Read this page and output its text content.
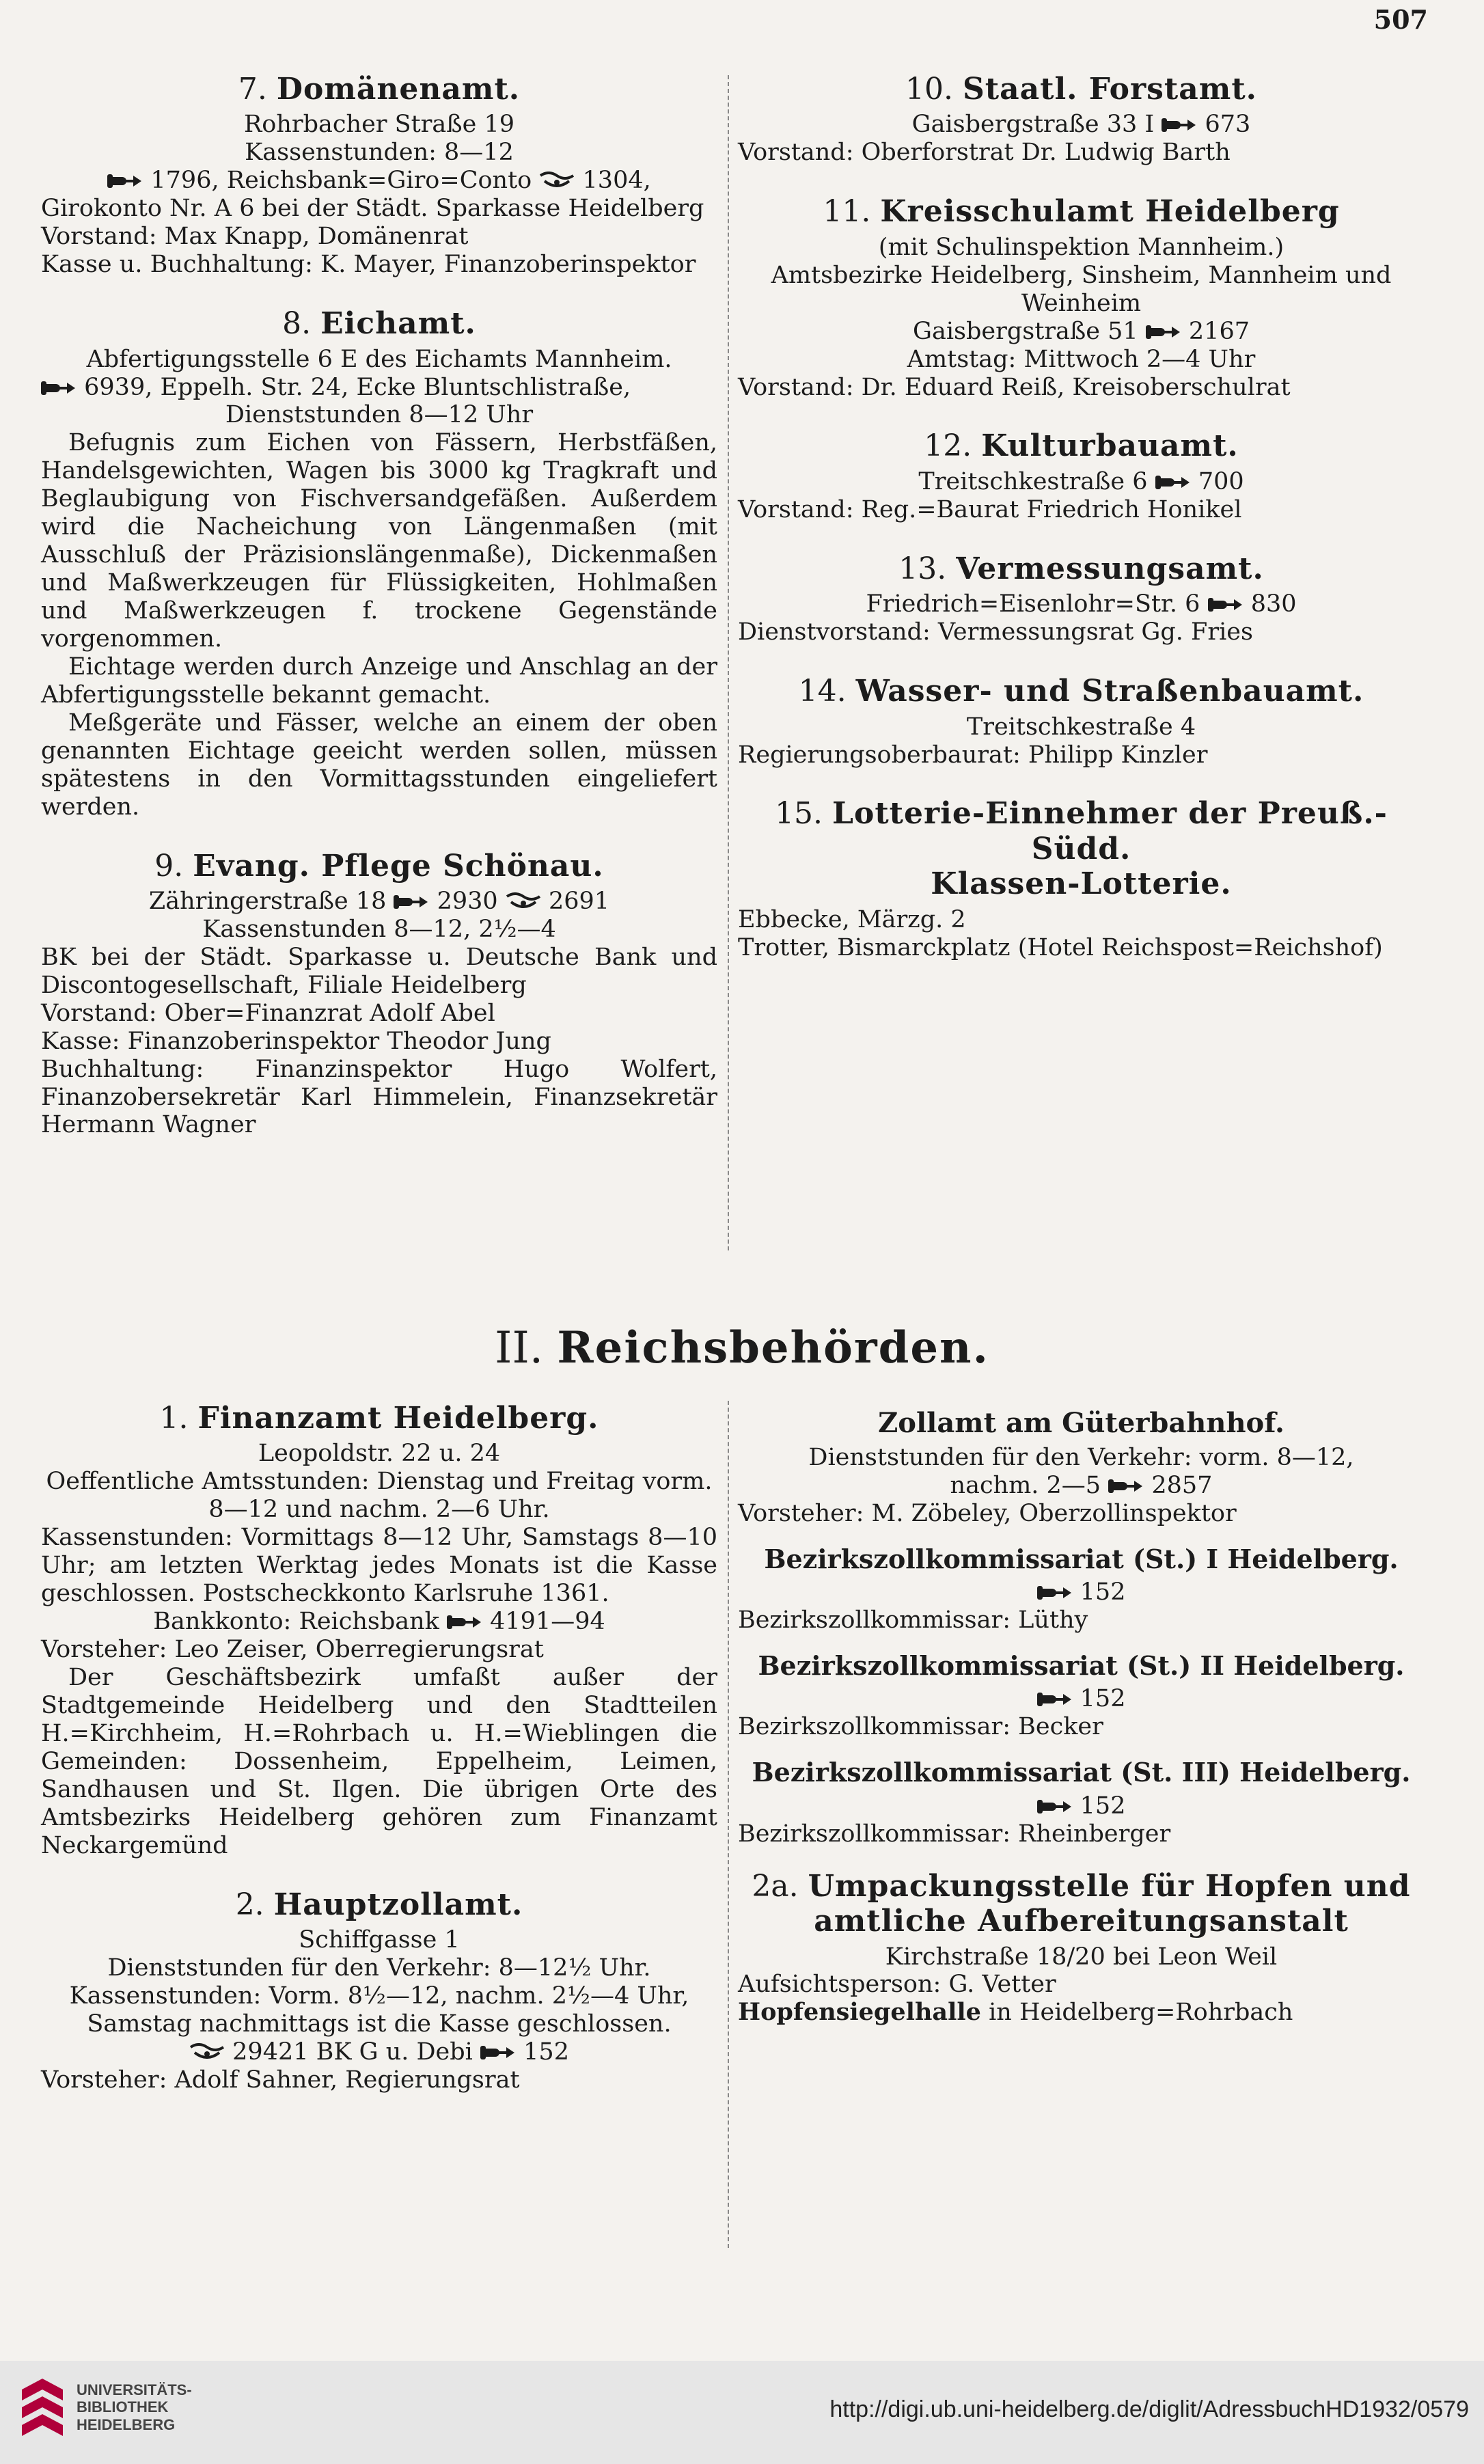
507
7. Domänenamt.
Rohrbacher Straße 19
Kassenstunden: 8—12
1796, Reichsbank=Giro=Conto 1304,
Girokonto Nr. A 6 bei der Städt. Sparkasse Heidelberg
Vorstand: Max Knapp, Domänenrat
Kasse u. Buchhaltung: K. Mayer, Finanzoberinspektor
8. Eichamt.
Abfertigungsstelle 6 E des Eichamts Mannheim.
6939, Eppelh. Str. 24, Ecke Bluntschlistraße,
Dienststunden 8—12 Uhr

Befugnis zum Eichen von Fässern, Herbstfäßen, Handelsgewichten, Wagen bis 3000 kg Tragkraft und Beglaubigung von Fischversandgefäßen. Außerdem wird die Nacheichung von Längenmaßen (mit Ausschluß der Präzisionslängenmaße), Dickenmaßen und Maßwerkzeugen für Flüssigkeiten, Hohlmaßen und Maßwerkzeugen f. trockene Gegenstände vorgenommen.

Eichtage werden durch Anzeige und Anschlag an der Abfertigungsstelle bekannt gemacht.

Meßgeräte und Fässer, welche an einem der oben genannten Eichtage geeicht werden sollen, müssen spätestens in den Vormittagsstunden eingeliefert werden.

9. Evang. Pflege Schönau.
Zähringerstraße 18 2930 2691
Kassenstunden 8—12, 2½—4

BK bei der Städt. Sparkasse u. Deutsche Bank und Discontogesellschaft, Filiale Heidelberg

Vorstand: Ober=Finanzrat Adolf Abel
Kasse: Finanzoberinspektor Theodor Jung

Buchhaltung: Finanzinspektor Hugo Wolfert, Finanzobersekretär Karl Himmelein, Finanzsekretär Hermann Wagner

10. Staatl. Forstamt.
Gaisbergstraße 33 I 673
Vorstand: Oberforstrat Dr. Ludwig Barth
11. Kreisschulamt Heidelberg
(mit Schulinspektion Mannheim.)

Amtsbezirke Heidelberg, Sinsheim, Mannheim und Weinheim

Gaisbergstraße 51 2167
Amtstag: Mittwoch 2—4 Uhr
Vorstand: Dr. Eduard Reiß, Kreisoberschulrat
12. Kulturbauamt.
Treitschkestraße 6 700
Vorstand: Reg.=Baurat Friedrich Honikel
13. Vermessungsamt.
Friedrich=Eisenlohr=Str. 6 830
Dienstvorstand: Vermessungsrat Gg. Fries
14. Wasser- und Straßenbauamt.
Treitschkestraße 4
Regierungsoberbaurat: Philipp Kinzler
15. Lotterie-Einnehmer der Preuß.-Südd.
Klassen-Lotterie.
Ebbecke, Märzg. 2
Trotter, Bismarckplatz (Hotel Reichspost=Reichshof)
II. Reichsbehörden.
1. Finanzamt Heidelberg.
Leopoldstr. 22 u. 24

Oeffentliche Amtsstunden: Dienstag und Freitag vorm. 8—12 und nachm. 2—6 Uhr.

Kassenstunden: Vormittags 8—12 Uhr, Samstags 8—10 Uhr; am letzten Werktag jedes Monats ist die Kasse geschlossen. Postscheckkonto Karlsruhe 1361.

Bankkonto: Reichsbank 4191—94
Vorsteher: Leo Zeiser, Oberregierungsrat

Der Geschäftsbezirk umfaßt außer der Stadtgemeinde Heidelberg und den Stadtteilen H.=Kirchheim, H.=Rohrbach u. H.=Wieblingen die Gemeinden: Dossenheim, Eppelheim, Leimen, Sandhausen und St. Ilgen. Die übrigen Orte des Amtsbezirks Heidelberg gehören zum Finanzamt Neckargemünd

2. Hauptzollamt.
Schiffgasse 1
Dienststunden für den Verkehr: 8—12½ Uhr.

Kassenstunden: Vorm. 8½—12, nachm. 2½—4 Uhr, Samstag nachmittags ist die Kasse geschlossen.

29421 BK G u. Debi 152
Vorsteher: Adolf Sahner, Regierungsrat
Zollamt am Güterbahnhof.
Dienststunden für den Verkehr: vorm. 8—12,
nachm. 2—5 2857
Vorsteher: M. Zöbeley, Oberzollinspektor
Bezirkszollkommissariat (St.) I Heidelberg.
152
Bezirkszollkommissar: Lüthy
Bezirkszollkommissariat (St.) II Heidelberg.
152
Bezirkszollkommissar: Becker
Bezirkszollkommissariat (St. III) Heidelberg.
152
Bezirkszollkommissar: Rheinberger
2a. Umpackungsstelle für Hopfen und
amtliche Aufbereitungsanstalt
Kirchstraße 18/20 bei Leon Weil
Aufsichtsperson: G. Vetter
Hopfensiegelhalle in Heidelberg=Rohrbach
UNIVERSITÄTS-
BIBLIOTHEK
HEIDELBERG
http://digi.ub.uni-heidelberg.de/diglit/AdressbuchHD1932/0579
